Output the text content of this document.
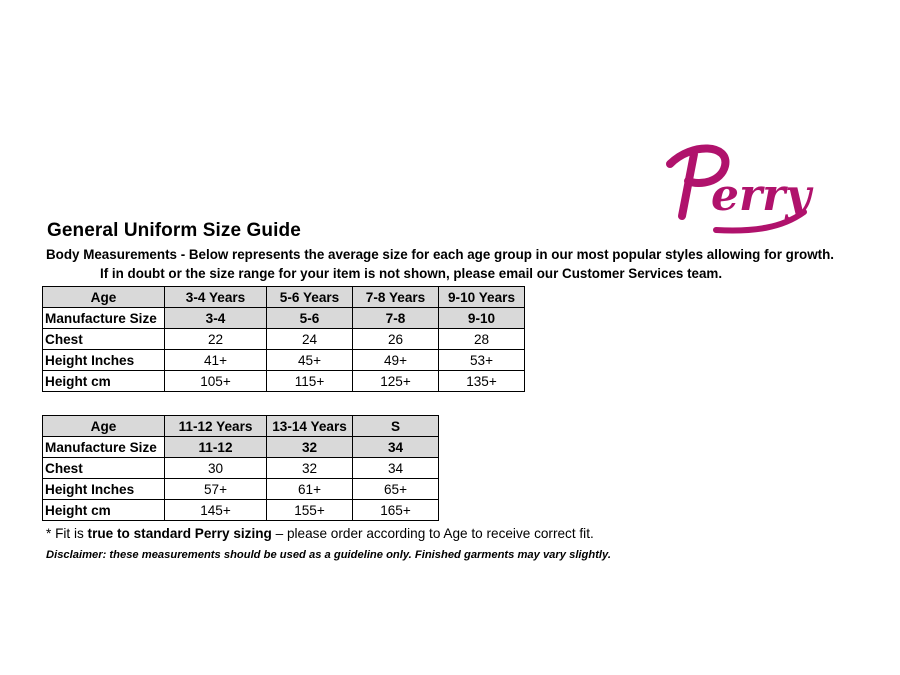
erry
General Uniform Size Guide
Body Measurements - Below represents the average size for each age group in our most popular styles allowing for growth.
If in doubt or the size range for your item is not shown, please email our Customer Services team.
Age	3-4 Years	5-6 Years	7-8 Years	9-10 Years
Manufacture Size	3-4	5-6	7-8	9-10
Chest	22	24	26	28
Height Inches	41+	45+	49+	53+
Height cm	105+	115+	125+	135+
Age	11-12 Years	13-14 Years	S
Manufacture Size	11-12	32	34
Chest	30	32	34
Height Inches	57+	61+	65+
Height cm	145+	155+	165+
* Fit is true to standard Perry sizing – please order according to Age to receive correct fit.
Disclaimer: these measurements should be used as a guideline only. Finished garments may vary slightly.
